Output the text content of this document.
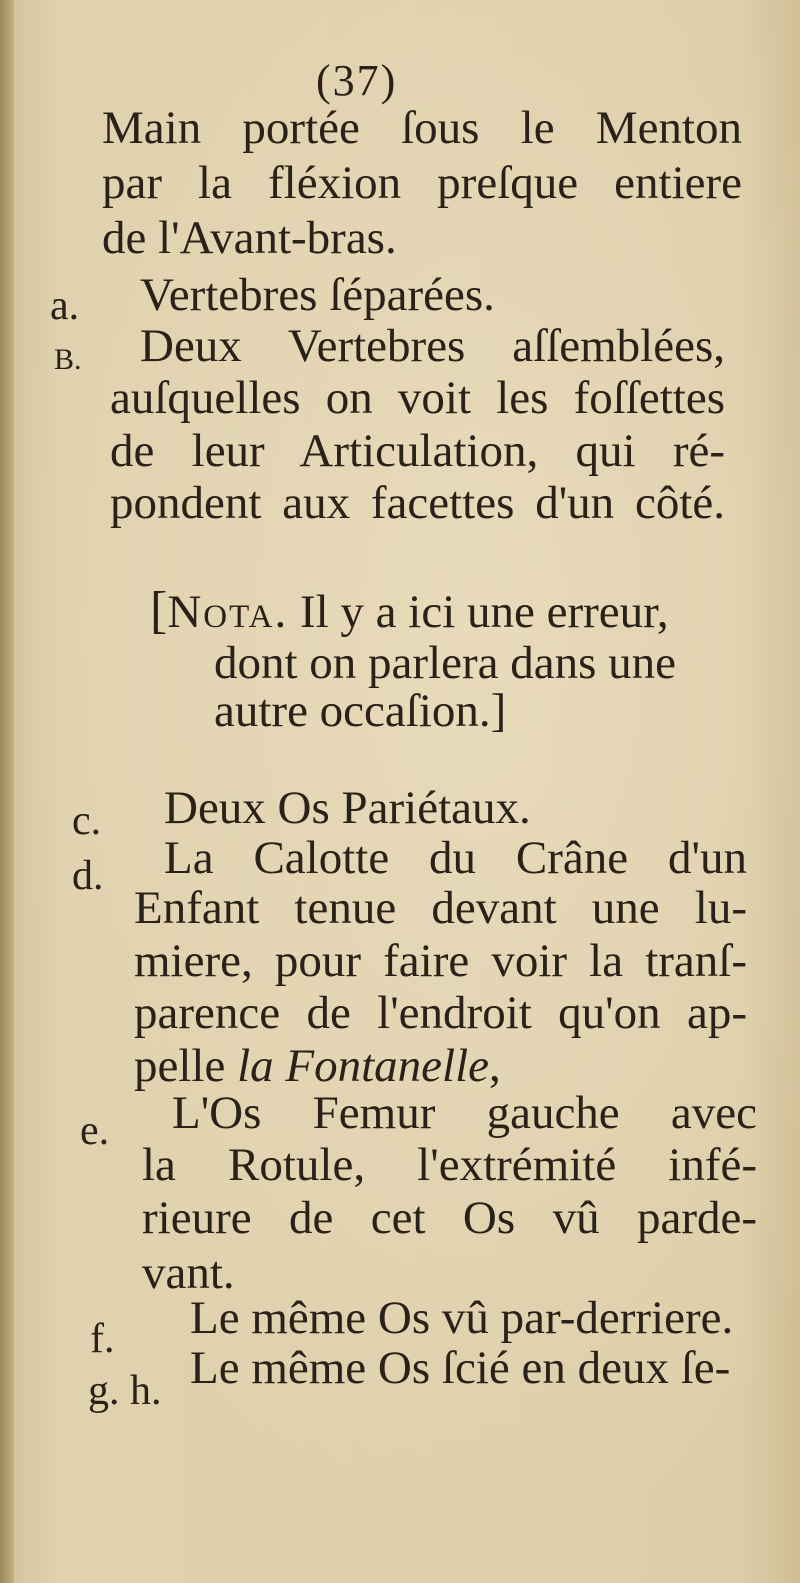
(37)
Main portée ſous le Menton
par la fléxion preſque entiere
de l'Avant-bras.
a. Vertebres ſéparées.
B. Deux Vertebres aſſemblées,
auſquelles on voit les foſſettes
de leur Articulation, qui ré-
pondent aux facettes d'un côté.
[Nota. Il y a ici une erreur,
dont on parlera dans une
autre occaſion.]
c. Deux Os Pariétaux.
d. La Calotte du Crâne d'un
Enfant tenue devant une lu-
miere, pour faire voir la tranſ-
parence de l'endroit qu'on ap-
pelle la Fontanelle,
e. L'Os Femur gauche avec
la Rotule, l'extrémité infé-
rieure de cet Os vû parde-
vant.
f. Le même Os vû par-derriere.
g. h. Le même Os ſcié en deux ſe-
